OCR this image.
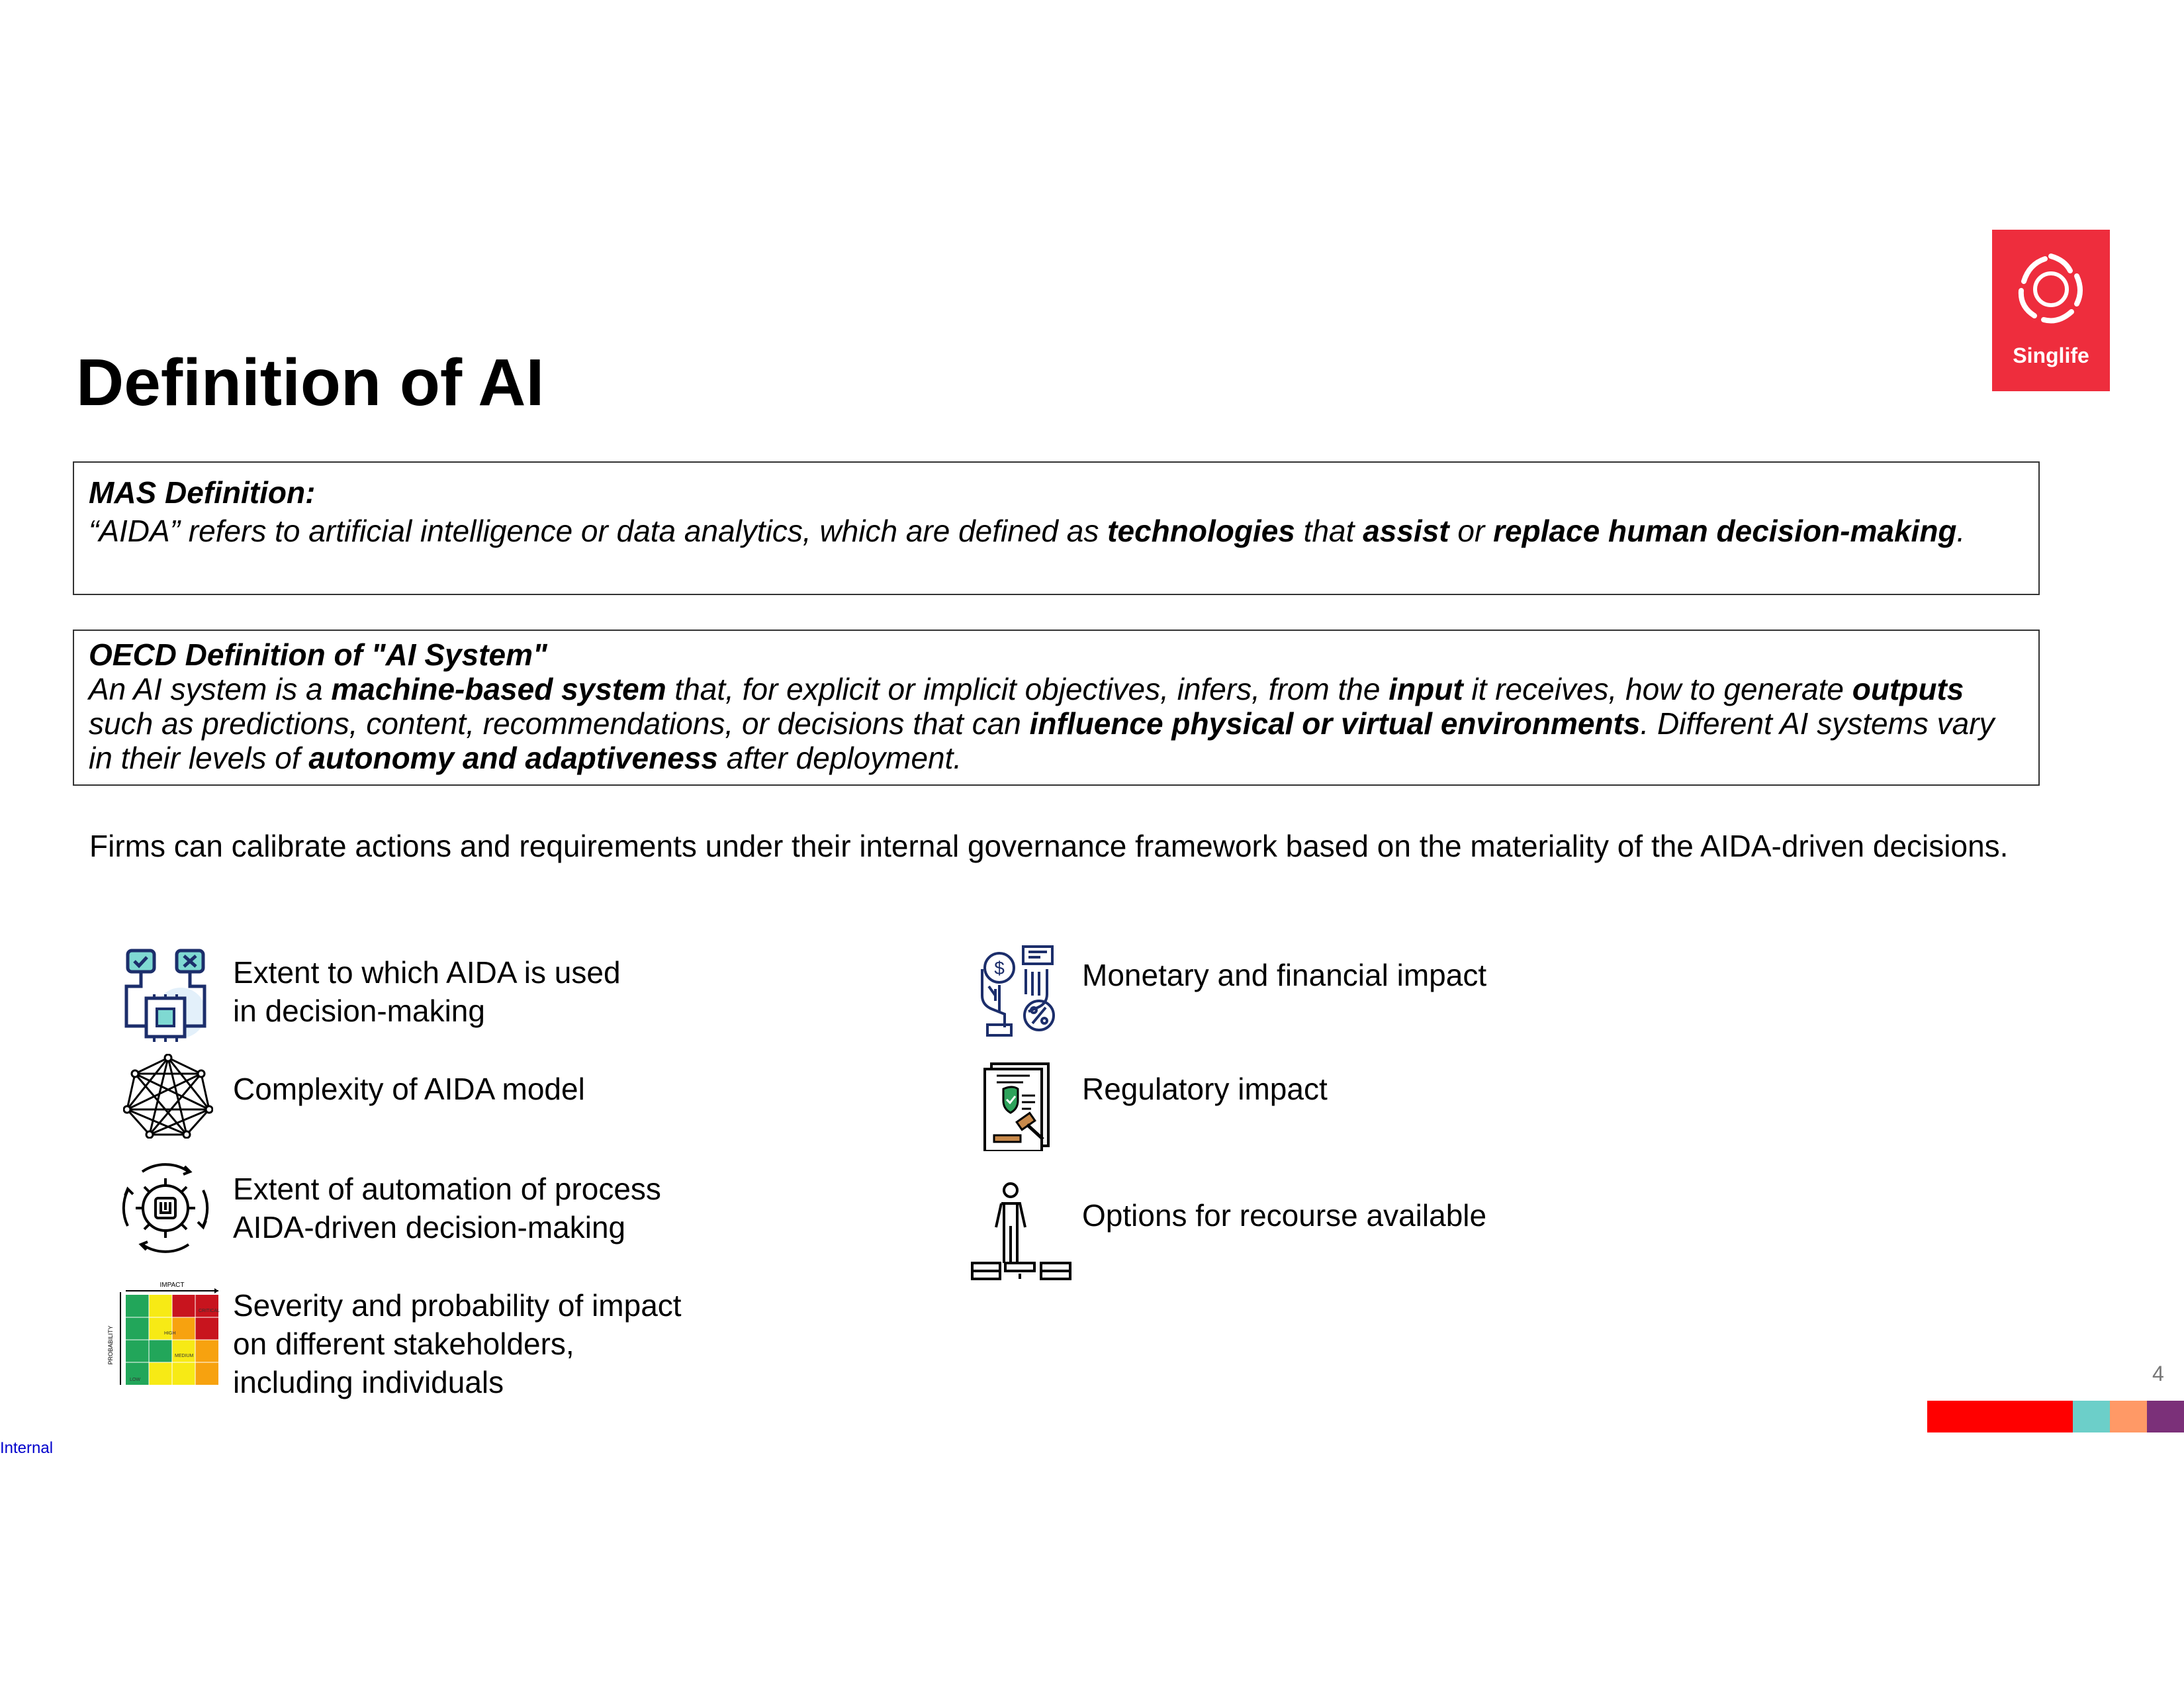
Definition of AI	Singlife
MAS Definition:
“AIDA” refers to artificial intelligence or data analytics, which are defined as technologies that assist or replace human decision-making.
OECD Definition of "AI System"
An AI system is a machine-based system that, for explicit or implicit objectives, infers, from the input it receives, how to generate outputs such as predictions, content, recommendations, or decisions that can influence physical or virtual environments. Different AI systems vary in their levels of autonomy and adaptiveness after deployment.
Firms can calibrate actions and requirements under their internal governance framework based on the materiality of the AIDA-driven decisions.
Extent to which AIDA is used
in decision-making
Complexity of AIDA model
Extent of automation of process
AIDA-driven decision-making
IMPACT
PROBABILITY
LOW
MEDIUM
HIGH
CRITICAL Severity and probability of impact
on different stakeholders,
including individuals
$	Monetary and financial impact
Regulatory impact
Options for recourse available
4
Internal
